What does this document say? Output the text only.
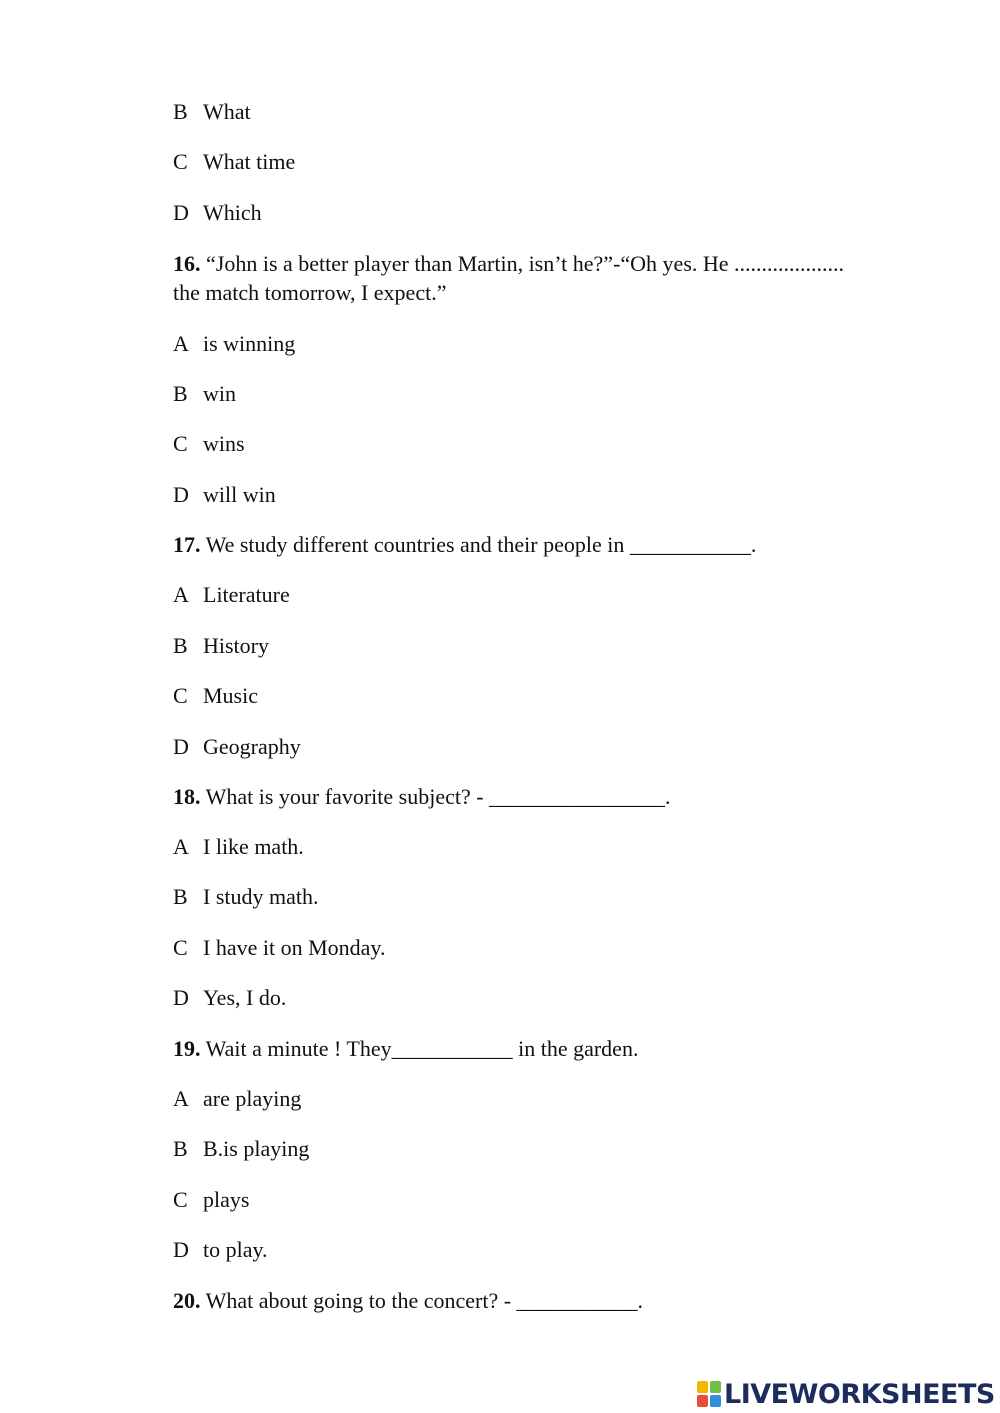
B What
C What time
D Which
16. “John is a better player than Martin, isn’t he?”-“Oh yes. He ....................
the match tomorrow, I expect.”
A is winning
B win
C wins
D will win
17. We study different countries and their people in ___________.
A Literature
B History
C Music
D Geography
18. What is your favorite subject? - ________________.
A I like math.
B I study math.
C I have it on Monday.
D Yes, I do.
19. Wait a minute ! They___________ in the garden.
A are playing
B B.is playing
C plays
D to play.
20. What about going to the concert? - ___________.
LIVEWORKSHEETS
